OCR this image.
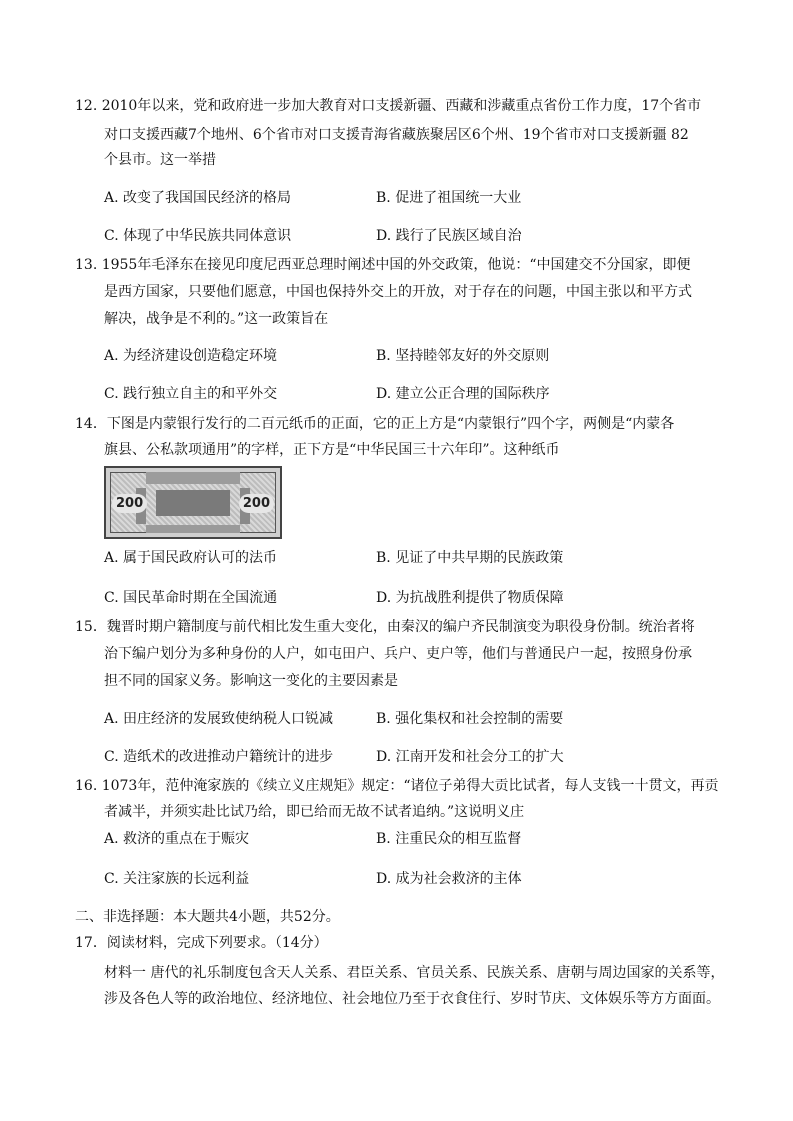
12. 2010年以来，党和政府进一步加大教育对口支援新疆、西藏和涉藏重点省份工作力度，17个省市
对口支援西藏7个地州、6个省市对口支援青海省藏族聚居区6个州、19个省市对口支援新疆 82
个县市。这一举措
A. 改变了我国国民经济的格局	B. 促进了祖国统一大业
C. 体现了中华民族共同体意识	D. 践行了民族区域自治
13. 1955年毛泽东在接见印度尼西亚总理时阐述中国的外交政策，他说：“中国建交不分国家，即便
是西方国家，只要他们愿意，中国也保持外交上的开放，对于存在的问题，中国主张以和平方式
解决，战争是不利的。”这一政策旨在
A. 为经济建设创造稳定环境	B. 坚持睦邻友好的外交原则
C. 践行独立自主的和平外交	D. 建立公正合理的国际秩序
14．下图是内蒙银行发行的二百元纸币的正面，它的正上方是“内蒙银行”四个字，两侧是“内蒙各
旗县、公私款项通用”的字样，正下方是“中华民国三十六年印”。这种纸币
200	200
A. 属于国民政府认可的法币	B. 见证了中共早期的民族政策
C. 国民革命时期在全国流通	D. 为抗战胜利提供了物质保障
15．魏晋时期户籍制度与前代相比发生重大变化，由秦汉的编户齐民制演变为职役身份制。统治者将
治下编户划分为多种身份的人户，如屯田户、兵户、吏户等，他们与普通民户一起，按照身份承
担不同的国家义务。影响这一变化的主要因素是
A. 田庄经济的发展致使纳税人口锐减	B. 强化集权和社会控制的需要
C. 造纸术的改进推动户籍统计的进步	D. 江南开发和社会分工的扩大
16. 1073年，范仲淹家族的《续立义庄规矩》规定：“诸位子弟得大贡比试者，每人支钱一十贯文，再贡
者减半，并须实赴比试乃给，即已给而无故不试者追纳。”这说明义庄
A. 救济的重点在于赈灾	B. 注重民众的相互监督
C. 关注家族的长远利益	D. 成为社会救济的主体
二、非选择题：本大题共4小题，共52分。
17．阅读材料，完成下列要求。（14分）
材料一 唐代的礼乐制度包含天人关系、君臣关系、官员关系、民族关系、唐朝与周边国家的关系等，
涉及各色人等的政治地位、经济地位、社会地位乃至于衣食住行、岁时节庆、文体娱乐等方方面面。
